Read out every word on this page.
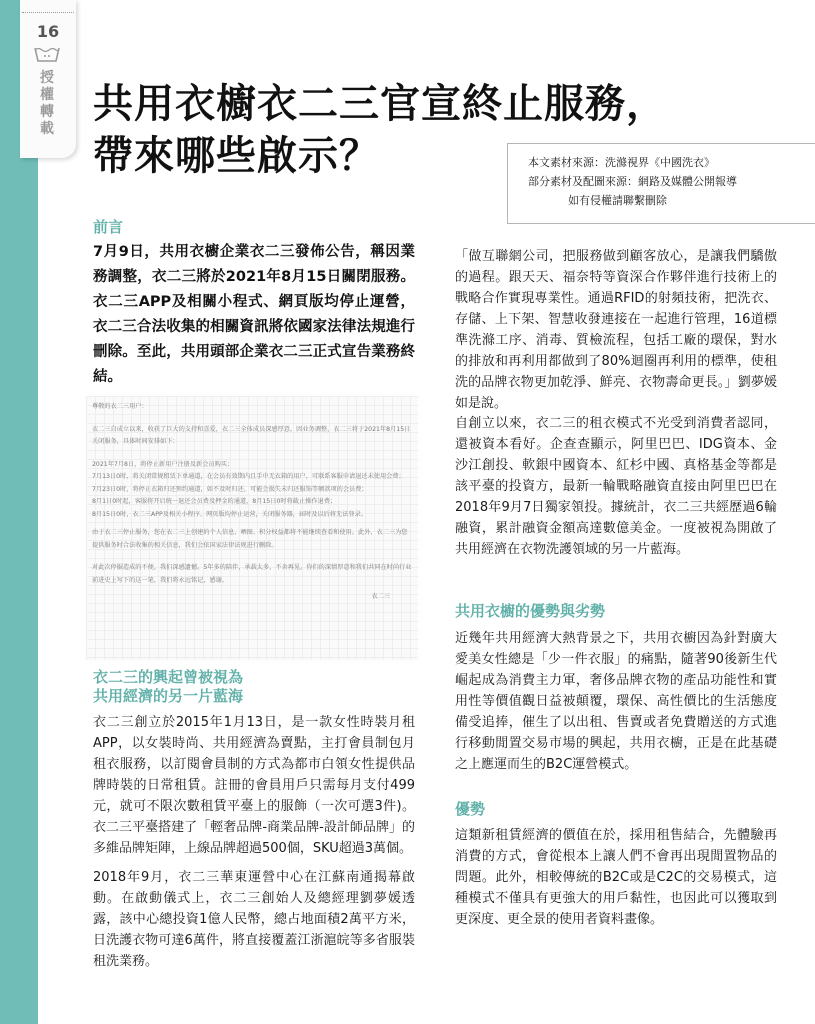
16
授權轉載
共用衣櫥衣二三官宣終止服務，
帶來哪些啟示？	本文素材來源：洗滌視界《中國洗衣》
部分素材及配圖來源：網路及媒體公開報導
如有侵權請聯繫刪除
前言

7月9日，共用衣櫥企業衣二三發佈公告，稱因業務調整，衣二三將於2021年8月15日關閉服務。衣二三APP及相關小程式、網頁版均停止運營，衣二三合法收集的相關資訊將依國家法律法規進行刪除。至此，共用頭部企業衣二三正式宣告業務終結。

尊敬的衣二三用户：

衣二三自成立以来，收获了巨大的支持和喜爱，衣二三全体成员深感厚意。因业务调整，衣二三将于2021年8月15日关闭服务，具体时间安排如下：

2021年7月8日，将停止新用户注册及新会员购买；
7月13日0时，将关闭常规租赁下单通道，在会员有效期内且手中无衣箱的用户，可联系客服申请退还未使用会费；
7月23日0时，将停止衣箱归还预约通道，如不及时归还，可能会损失未归还服饰等额款项的会员费；
8月1日0时起，客服将开启统一退还会员费及押金的通道，8月15日0时将截止操作退费；
8月15日0时，衣二三APP及相关小程序、网页版均停止运营，关闭服务器，届时及以后将无法登录。

由于衣二三停止服务，您在衣二三上创建的个人信息、晒图、积分权益都将不能继续查看和使用。此外，衣二三为您提供服务时合法收集的相关信息，我们会依国家法律法规进行删除。

对此次停服造成的不便，我们深感遗憾。5年多的陪伴，承载太多，不舍再见。你们的深情厚意和我们共同在时尚行业前进史上写下的这一笔，我们将永远铭记，感谢。

衣二三
衣二三的興起曾被視為
共用經濟的另一片藍海

衣二三創立於2015年1月13日，是一款女性時裝月租APP，以女裝時尚、共用經濟為賣點，主打會員制包月租衣服務，以訂閱會員制的方式為都市白領女性提供品牌時裝的日常租賃。註冊的會員用戶只需每月支付499　元，就可不限次數租賃平臺上的服飾（一次可選3件)。衣二三平臺搭建了「輕奢品牌-商業品牌-設計師品牌」的多維品牌矩陣，上線品牌超過500個，SKU超過3萬個。

2018年9月，衣二三華東運營中心在江蘇南通揭幕啟動。在啟動儀式上，衣二三創始人及總經理劉夢媛透露，該中心總投資1億人民幣，總占地面積2萬平方米，日洗護衣物可達6萬件，將直接覆蓋江浙滬皖等多省服裝租洗業務。

「做互聯網公司，把服務做到顧客放心，是讓我們驕傲的過程。跟天天、福奈特等資深合作夥伴進行技術上的戰略合作實現專業性。通過RFID的射頻技術，把洗衣、存儲、上下架、智慧收發連接在一起進行管理，16道標準洗滌工序、消毒、質檢流程，包括工廠的環保，對水的排放和再利用都做到了80%迴圈再利用的標準，使租洗的品牌衣物更加乾淨、鮮亮、衣物壽命更長。」劉夢媛如是說。

自創立以來，衣二三的租衣模式不光受到消費者認同，還被資本看好。企查查顯示，阿里巴巴、IDG資本、金沙江創投、軟銀中國資本、紅杉中國、真格基金等都是該平臺的投資方，最新一輪戰略融資直接由阿里巴巴在2018年9月7日獨家領投。據統計，衣二三共經歷過6輪融資，累計融資金額高達數億美金。一度被視為開啟了共用經濟在衣物洗護領域的另一片藍海。

共用衣櫥的優勢與劣勢

近幾年共用經濟大熱背景之下，共用衣櫥因為針對廣大愛美女性總是「少一件衣服」的痛點，隨著90後新生代崛起成為消費主力軍，奢侈品牌衣物的產品功能性和實用性等價值觀日益被顛覆，環保、高性價比的生活態度備受追捧，催生了以出租、售賣或者免費贈送的方式進行移動閒置交易市場的興起，共用衣櫥，正是在此基礎之上應運而生的B2C運營模式。

優勢

這類新租賃經濟的價值在於，採用租售結合，先體驗再消費的方式，會從根本上讓人們不會再出現閒置物品的問題。此外，相較傳統的B2C或是C2C的交易模式，這種模式不僅具有更強大的用戶黏性，也因此可以獲取到更深度、更全景的使用者資料畫像。
